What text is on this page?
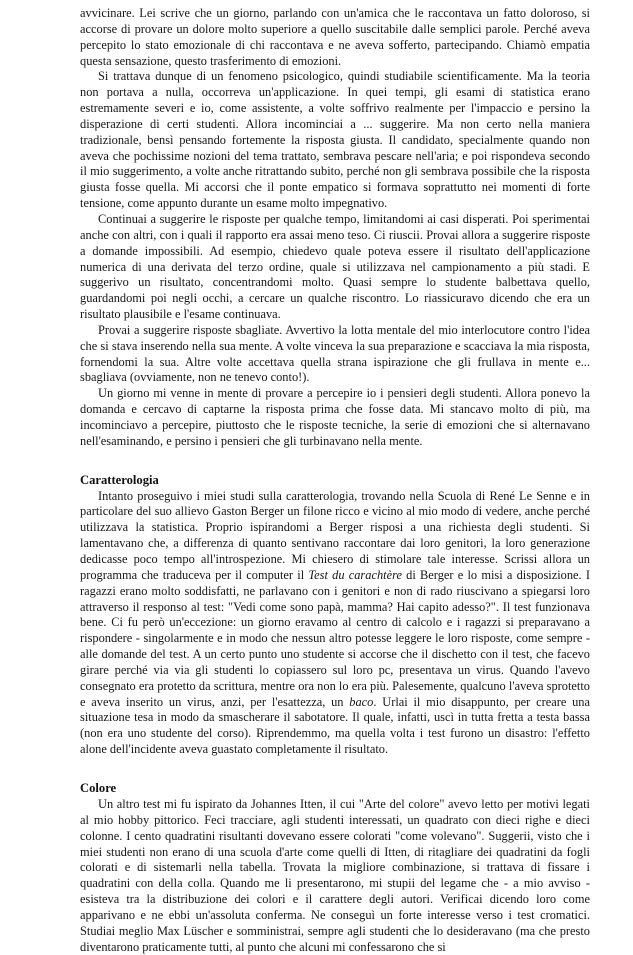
avvicinare. Lei scrive che un giorno, parlando con un'amica che le raccontava un fatto doloroso, si accorse di provare un dolore molto superiore a quello suscitabile dalle semplici parole. Perché aveva percepito lo stato emozionale di chi raccontava e ne aveva sofferto, partecipando. Chiamò empatia questa sensazione, questo trasferimento di emozioni.

Si trattava dunque di un fenomeno psicologico, quindi studiabile scientificamente. Ma la teoria non portava a nulla, occorreva un'applicazione. In quei tempi, gli esami di statistica erano estremamente severi e io, come assistente, a volte soffrivo realmente per l'impaccio e persino la disperazione di certi studenti. Allora incominciai a ... suggerire. Ma non certo nella maniera tradizionale, bensì pensando fortemente la risposta giusta. Il candidato, specialmente quando non aveva che pochissime nozioni del tema trattato, sembrava pescare nell'aria; e poi rispondeva secondo il mio suggerimento, a volte anche ritrattando subito, perché non gli sembrava possibile che la risposta giusta fosse quella. Mi accorsi che il ponte empatico si formava soprattutto nei momenti di forte tensione, come appunto durante un esame molto impegnativo.

Continuai a suggerire le risposte per qualche tempo, limitandomi ai casi disperati. Poi sperimentai anche con altri, con i quali il rapporto era assai meno teso. Ci riuscii. Provai allora a suggerire risposte a domande impossibili. Ad esempio, chiedevo quale poteva essere il risultato dell'applicazione numerica di una derivata del terzo ordine, quale si utilizzava nel campionamento a più stadi. E suggerivo un risultato, concentrandomi molto. Quasi sempre lo studente balbettava quello, guardandomi poi negli occhi, a cercare un qualche riscontro. Lo riassicuravo dicendo che era un risultato plausibile e l'esame continuava.

Provai a suggerire risposte sbagliate. Avvertivo la lotta mentale del mio interlocutore contro l'idea che si stava inserendo nella sua mente. A volte vinceva la sua preparazione e scacciava la mia risposta, fornendomi la sua. Altre volte accettava quella strana ispirazione che gli frullava in mente e... sbagliava (ovviamente, non ne tenevo conto!).

Un giorno mi venne in mente di provare a percepire io i pensieri degli studenti. Allora ponevo la domanda e cercavo di captarne la risposta prima che fosse data. Mi stancavo molto di più, ma incominciavo a percepire, piuttosto che le risposte tecniche, la serie di emozioni che si alternavano nell'esaminando, e persino i pensieri che gli turbinavano nella mente.

Caratterologia

Intanto proseguivo i miei studi sulla caratterologia, trovando nella Scuola di René Le Senne e in particolare del suo allievo Gaston Berger un filone ricco e vicino al mio modo di vedere, anche perché utilizzava la statistica. Proprio ispirandomi a Berger risposi a una richiesta degli studenti. Si lamentavano che, a differenza di quanto sentivano raccontare dai loro genitori, la loro generazione dedicasse poco tempo all'introspezione. Mi chiesero di stimolare tale interesse. Scrissi allora un programma che traduceva per il computer il Test du carachtère di Berger e lo misi a disposizione. I ragazzi erano molto soddisfatti, ne parlavano con i genitori e non di rado riuscivano a spiegarsi loro attraverso il responso al test: "Vedi come sono papà, mamma? Hai capito adesso?". Il test funzionava bene. Ci fu però un'eccezione: un giorno eravamo al centro di calcolo e i ragazzi si preparavano a rispondere - singolarmente e in modo che nessun altro potesse leggere le loro risposte, come sempre - alle domande del test. A un certo punto uno studente si accorse che il dischetto con il test, che facevo girare perché via via gli studenti lo copiassero sul loro pc, presentava un virus. Quando l'avevo consegnato era protetto da scrittura, mentre ora non lo era più. Palesemente, qualcuno l'aveva sprotetto e aveva inserito un virus, anzi, per l'esattezza, un baco. Urlai il mio disappunto, per creare una situazione tesa in modo da smascherare il sabotatore. Il quale, infatti, uscì in tutta fretta a testa bassa (non era uno studente del corso). Riprendemmo, ma quella volta i test furono un disastro: l'effetto alone dell'incidente aveva guastato completamente il risultato.

Colore

Un altro test mi fu ispirato da Johannes Itten, il cui "Arte del colore" avevo letto per motivi legati al mio hobby pittorico. Feci tracciare, agli studenti interessati, un quadrato con dieci righe e dieci colonne. I cento quadratini risultanti dovevano essere colorati "come volevano". Suggerii, visto che i miei studenti non erano di una scuola d'arte come quelli di Itten, di ritagliare dei quadratini da fogli colorati e di sistemarli nella tabella. Trovata la migliore combinazione, si trattava di fissare i quadratini con della colla. Quando me li presentarono, mi stupii del legame che - a mio avviso - esisteva tra la distribuzione dei colori e il carattere degli autori. Verificai dicendo loro come apparivano e ne ebbi un'assoluta conferma. Ne conseguì un forte interesse verso i test cromatici. Studiai meglio Max Lüscher e somministrai, sempre agli studenti che lo desideravano (ma che presto diventarono praticamente tutti, al punto che alcuni mi confessarono che si
